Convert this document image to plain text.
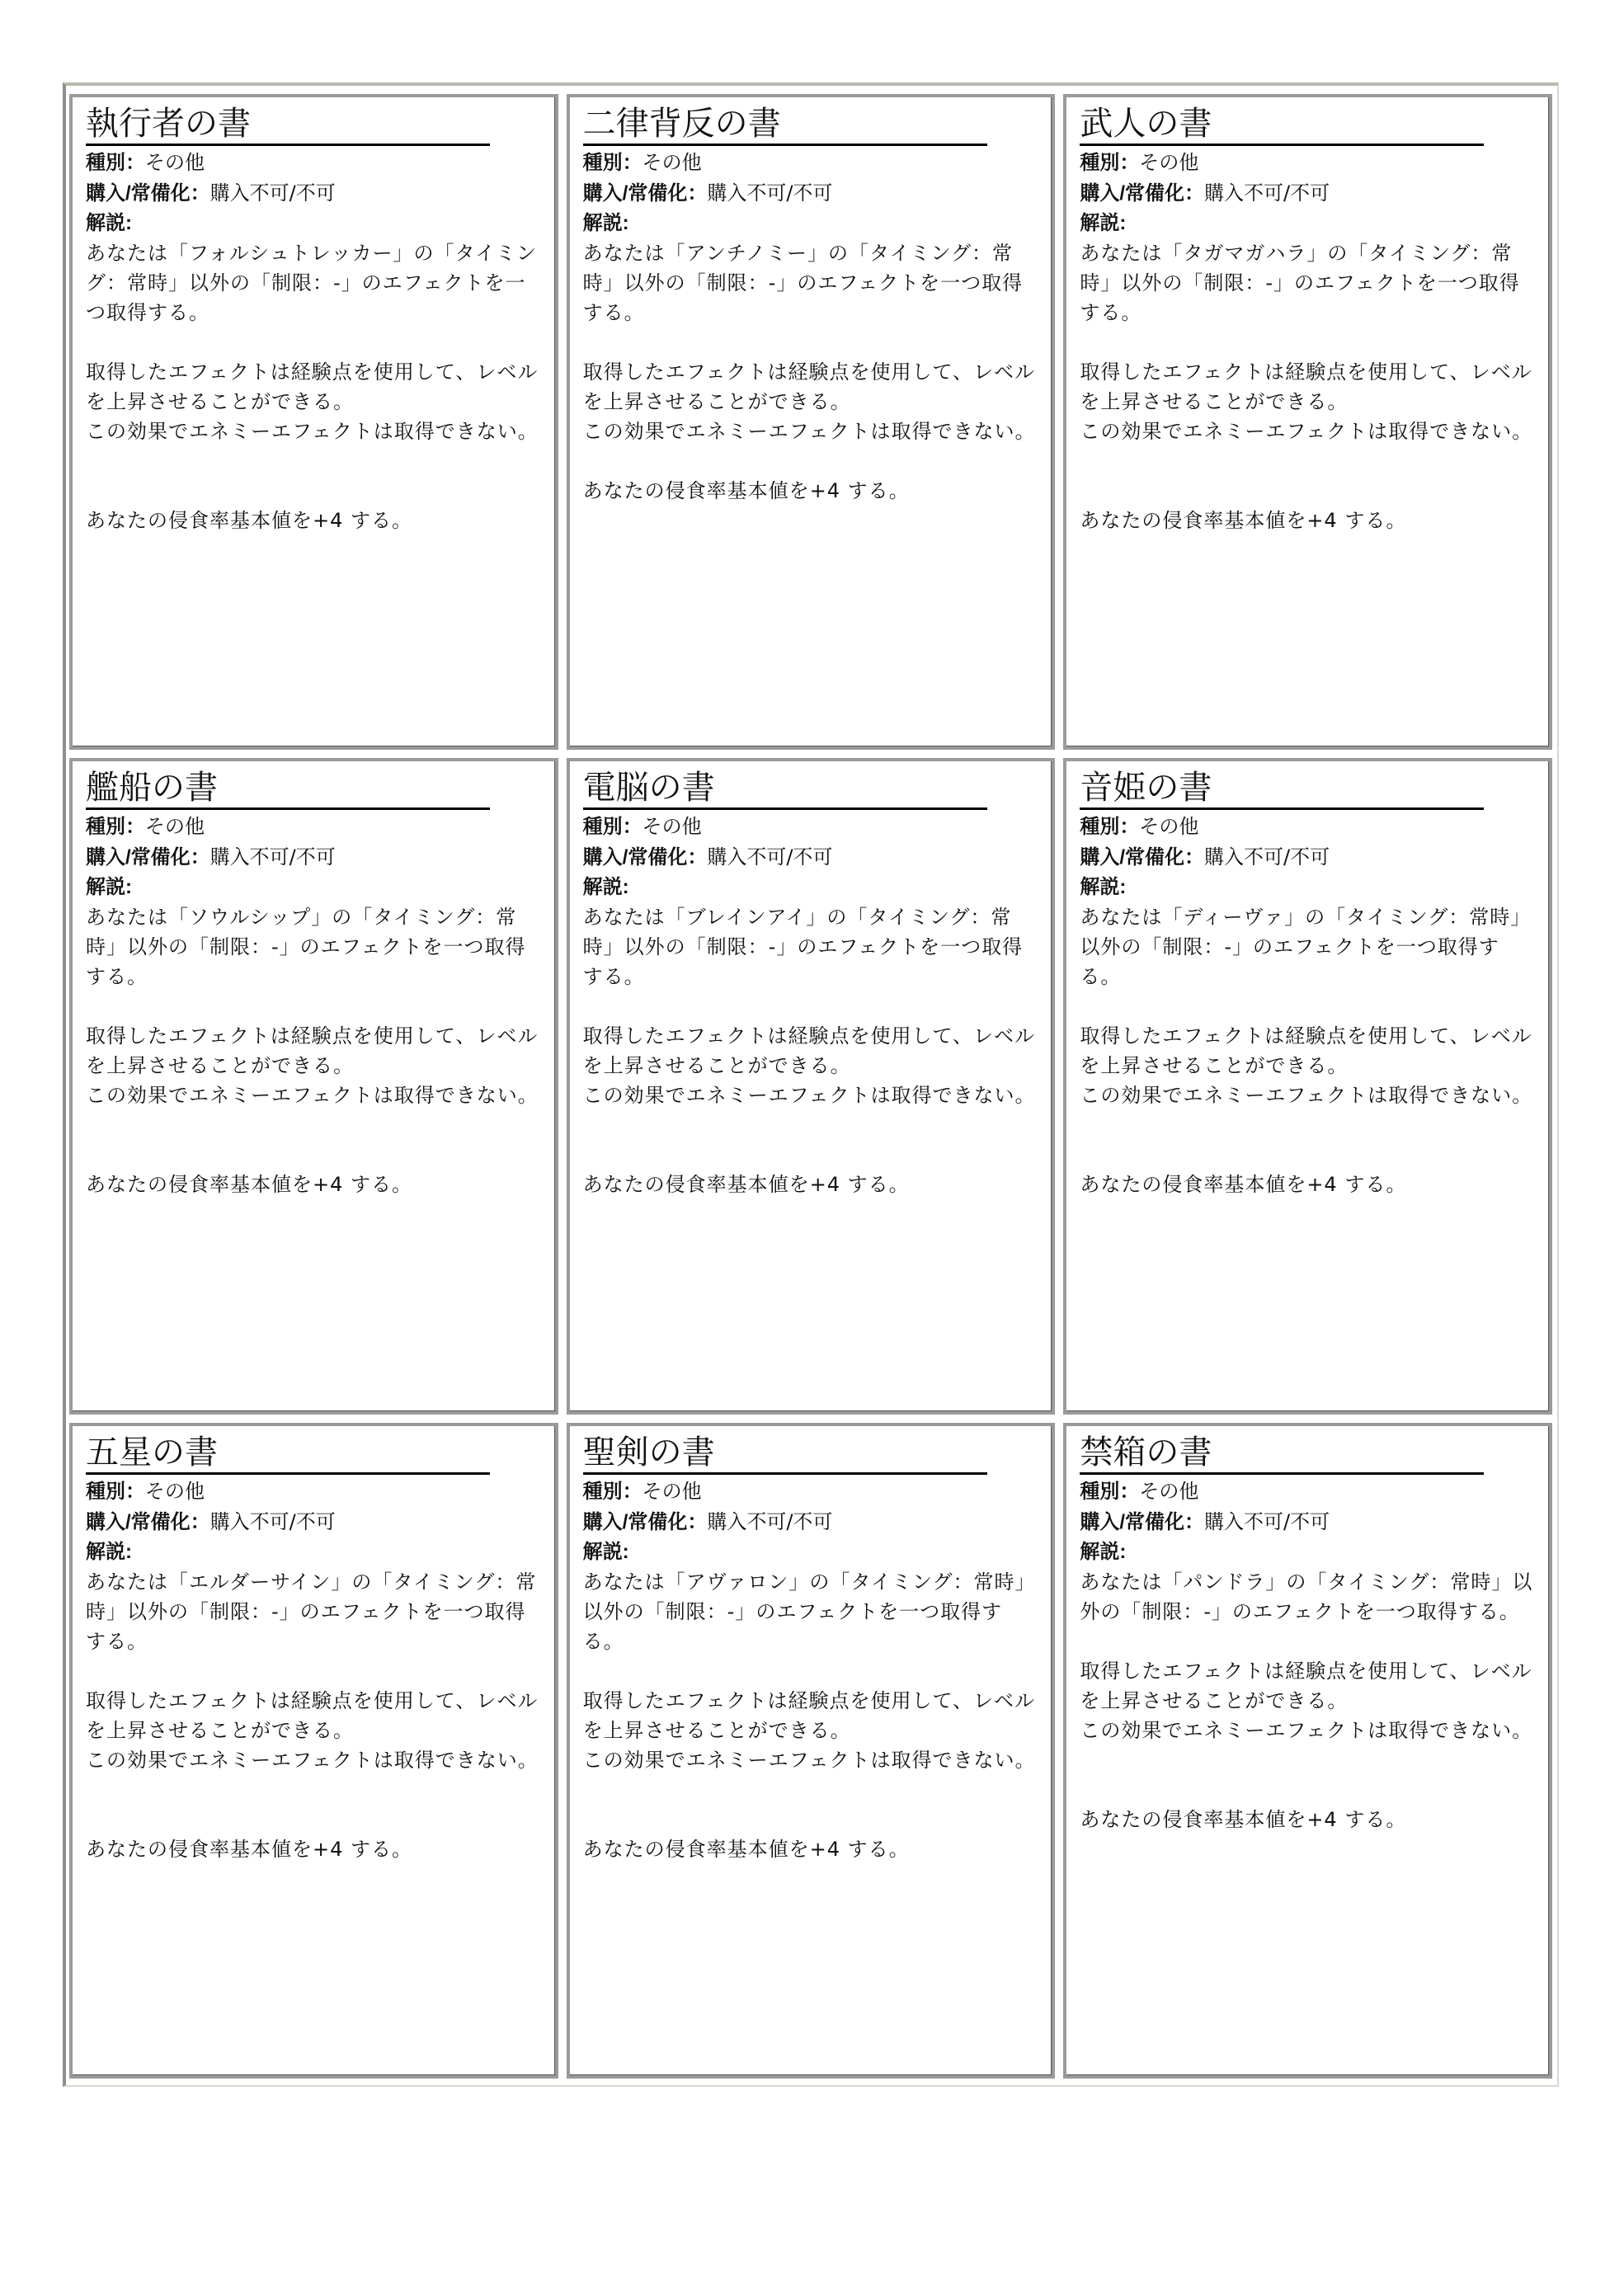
執行者の書
種別：その他
購入/常備化：購入不可/不可
解説:
あなたは「フォルシュトレッカー」の「タイミング：常時」以外の「制限：-」のエフェクトを一つ取得する。
取得したエフェクトは経験点を使用して、レベルを上昇させることができる。
この効果でエネミーエフェクトは取得できない。
あなたの侵食率基本値を+4 する。
二律背反の書
種別：その他
購入/常備化：購入不可/不可
解説:
あなたは「アンチノミー」の「タイミング：常時」以外の「制限：-」のエフェクトを一つ取得する。
取得したエフェクトは経験点を使用して、レベルを上昇させることができる。
この効果でエネミーエフェクトは取得できない。
あなたの侵食率基本値を+4 する。
武人の書
種別：その他
購入/常備化：購入不可/不可
解説:
あなたは「タガマガハラ」の「タイミング：常時」以外の「制限：-」のエフェクトを一つ取得する。
取得したエフェクトは経験点を使用して、レベルを上昇させることができる。
この効果でエネミーエフェクトは取得できない。
あなたの侵食率基本値を+4 する。
艦船の書
種別：その他
購入/常備化：購入不可/不可
解説:
あなたは「ソウルシップ」の「タイミング：常時」以外の「制限：-」のエフェクトを一つ取得する。
取得したエフェクトは経験点を使用して、レベルを上昇させることができる。
この効果でエネミーエフェクトは取得できない。
あなたの侵食率基本値を+4 する。
電脳の書
種別：その他
購入/常備化：購入不可/不可
解説:
あなたは「ブレインアイ」の「タイミング：常時」以外の「制限：-」のエフェクトを一つ取得する。
取得したエフェクトは経験点を使用して、レベルを上昇させることができる。
この効果でエネミーエフェクトは取得できない。
あなたの侵食率基本値を+4 する。
音姫の書
種別：その他
購入/常備化：購入不可/不可
解説:
あなたは「ディーヴァ」の「タイミング：常時」以外の「制限：-」のエフェクトを一つ取得する。
取得したエフェクトは経験点を使用して、レベルを上昇させることができる。
この効果でエネミーエフェクトは取得できない。
あなたの侵食率基本値を+4 する。
五星の書
種別：その他
購入/常備化：購入不可/不可
解説:
あなたは「エルダーサイン」の「タイミング：常時」以外の「制限：-」のエフェクトを一つ取得する。
取得したエフェクトは経験点を使用して、レベルを上昇させることができる。
この効果でエネミーエフェクトは取得できない。
あなたの侵食率基本値を+4 する。
聖剣の書
種別：その他
購入/常備化：購入不可/不可
解説:
あなたは「アヴァロン」の「タイミング：常時」以外の「制限：-」のエフェクトを一つ取得する。
取得したエフェクトは経験点を使用して、レベルを上昇させることができる。
この効果でエネミーエフェクトは取得できない。
あなたの侵食率基本値を+4 する。
禁箱の書
種別：その他
購入/常備化：購入不可/不可
解説:
あなたは「パンドラ」の「タイミング：常時」以外の「制限：-」のエフェクトを一つ取得する。
取得したエフェクトは経験点を使用して、レベルを上昇させることができる。
この効果でエネミーエフェクトは取得できない。
あなたの侵食率基本値を+4 する。
